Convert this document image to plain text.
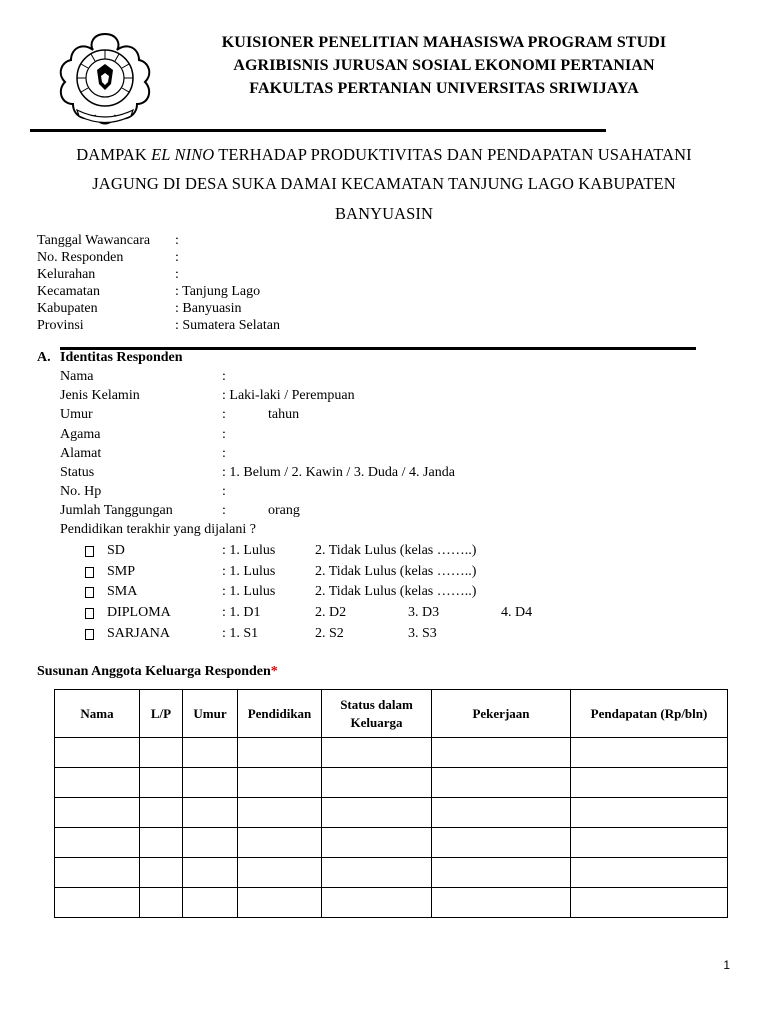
KUISIONER PENELITIAN MAHASISWA PROGRAM STUDI
AGRIBISNIS JURUSAN SOSIAL EKONOMI PERTANIAN
FAKULTAS PERTANIAN UNIVERSITAS SRIWIJAYA
DAMPAK EL NINO TERHADAP PRODUKTIVITAS DAN PENDAPATAN USAHATANI
JAGUNG DI DESA SUKA DAMAI KECAMATAN TANJUNG LAGO KABUPATEN
BANYUASIN
Tanggal Wawancara :
No. Responden	:
Kelurahan	:
Kecamatan	: Tanjung Lago
Kabupaten	: Banyuasin
Provinsi	: Sumatera Selatan
A. Identitas Responden
Nama	:
Jenis Kelamin	: Laki-laki / Perempuan
Umur	:	tahun
Agama	:
Alamat	:
Status	: 1. Belum / 2. Kawin / 3. Duda / 4. Janda
No. Hp	:
Jumlah Tanggungan	:	orang
Pendidikan terakhir yang dijalani ?
SD	: 1. Lulus	2. Tidak Lulus (kelas ……..)
SMP	: 1. Lulus	2. Tidak Lulus (kelas ……..)
SMA	: 1. Lulus	2. Tidak Lulus (kelas ……..)
DIPLOMA	: 1. D1	2. D2	3. D3	4. D4
SARJANA	: 1. S1	2. S2	3. S3
Susunan Anggota Keluarga Responden*
Nama	L/P	Umur	Pendidikan	Status dalam Keluarga	Pekerjaan	Pendapatan (Rp/bln)

1
